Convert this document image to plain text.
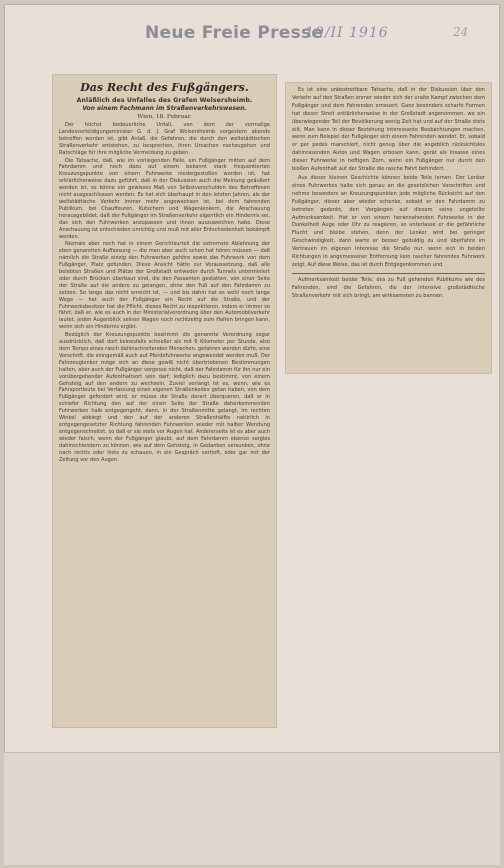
Neue Freie Presse
19/II 1916	24
Das Recht des Fußgängers.
Anläßlich des Unfalles des Grafen Welsersheimb.
Von einem Fachmann im Straßenverkehrswesen.
Wien, 18. Februar.

Der höchst bedauerliche Unfall, von dem der vormalige Landesverteidigungsminister G. d. J. Graf Welsersheimb vorgestern abends betroffen worden ist, gibt Anlaß, die Gefahren, die durch den weltstädtischen Straßenverkehr entstehen, zu besprechen, ihren Ursachen nachzugehen und Ratschläge für ihre mögliche Vermeidung zu geben.

Die Tatsache, daß, wie im vorliegenden Falle, ein Fußgänger mitten auf dem Fahrdamm und noch dazu auf einem bekannt stark frequentierten Kreuzungspunkte von einem Fuhrwerke niedergestoßen worden ist, hat erklärlicherweise dazu geführt, daß in der Diskussion auch die Meinung geäußert worden ist, es könne ein gewisses Maß von Selbstverschulden des Betroffenen nicht ausgeschlossen werden. Es hat sich überhaupt in den letzten Jahren, als der weltstädtische Verkehr immer mehr angewachsen ist, bei dem fahrenden Publikum, bei Chauffeuren, Kutschern und Wagenlenkern, die Anschauung herausgebildet, daß der Fußgänger im Straßenverkehr eigentlich ein Hindernis sei, das sich den Fuhrwerken anzupassen und ihnen auszuweichen habe. Diese Anschauung ist entschieden unrichtig und muß mit aller Entschiedenheit bekämpft werden.

Niemals aber noch hat in einem Gerichtsurteil die extremste Ablehnung der eben genannten Auffassung — die man aber auch schon hat hören müssen — daß nämlich die Straße einzig den Fuhrwerken gehöre sowie das Fuhrwerk von dem Fußgänger, Platz gefunden. Diese Ansicht hätte zur Voraussetzung, daß alle belebten Straßen und Plätze der Großstadt entweder durch Tunnels unterminiert oder durch Brücken überbaut sind, die den Passanten gestatten, von einer Seite der Straße auf die andere zu gelangen, ohne den Fuß auf den Fahrdamm zu setzen. So lange das nicht erreicht ist, — und bis dahin hat es wohl noch lange Wege — hat auch der Fußgänger ein Recht auf die Straße, und der Fuhrwerksbesitzer hat die Pflicht, dieses Recht zu respektieren, indem er immer so fährt, daß er, wie es auch in der Ministerialverordnung über den Automobilverkehr lautet, jeden Augenblick seinen Wagen noch rechtzeitig zum Halten bringen kann, wenn sich ein Hindernis ergibt.

Bezüglich der Kreuzungspunkte bestimmt die genannte Verordnung sogar ausdrücklich, daß dort keinesfalls schneller als mit 6 Kilometer per Stunde, also dem Tempo eines rasch dahinschreitenden Menschen, gefahren werden dürfe, eine Vorschrift, die sinngemäß auch auf Pferdefuhrwerke angewendet werden muß. Der Fahrzeuglenker möge sich an diese gewiß nicht übertriebenen Bestimmungen halten, aber auch der Fußgänger vergesse nicht, daß der Fahrdamm für ihn nur ein vorübergehender Aufenthaltsort sein darf, lediglich dazu bestimmt, von einem Gehsteig auf den andern zu wechseln. Zuviel verlangt ist es, wenn, wie es Fahrsportleute bei Verfassung eines eigenen Straßenkodex getan haben, von dem Fußgänger gefordert wird, er müsse die Straße derart überqueren, daß er in schiefer Richtung den auf der einen Seite der Straße daherkommenden Fuhrwerken halb entgegengeht, dann, in der Straßenmitte gelangt, im rechten Winkel abbiegt und den auf der anderen Straßenhälfte natürlich in entgegengesetzter Richtung fahrenden Fuhrwerken wieder mit halber Wendung entgegenschreitet, so daß er sie stets vor Augen hat. Andererseits ist es aber auch wieder falsch, wenn der Fußgänger glaubt, auf dem Fahrdamm ebenso sorglos dahinschlendern zu können, wie auf dem Gehsteig, in Gedanken versunken, ohne nach rechts oder links zu schauen, in ein Gespräch vertieft, oder gar mit der Zeitung vor den Augen.

Es ist eine unbestreitbare Tatsache, daß in der Diskussion über den Verkehr auf den Straßen immer wieder sich der uralte Kampf zwischen dem Fußgänger und dem Fahrenden erneuert. Ganz besonders scharfe Formen hat dieser Streit erklärlicherweise in der Großstadt angenommen, wo ein überwiegender Teil der Bevölkerung wenig Zeit hat und auf der Straße stets eilt. Man kann in dieser Beziehung interessante Beobachtungen machen, wenn zum Beispiel der Fußgänger sich einem Fahrenden wendet. Er, sobald er per pedes marschiert, nicht genug über die angeblich rücksichtslos dahinrasenden Autos und Wagen erbosen kann, gerät als Insasse eines dieser Fuhrwerke in heftigen Zorn, wenn ein Fußgänger nur durch den bloßen Aufenthalt auf der Straße die rasche Fahrt behindert.

Aus dieser kleinen Geschichte können beide Teile lernen. Der Lenker eines Fuhrwerkes halte sich genau an die gesetzlichen Vorschriften und nehme besonders an Kreuzungspunkten jede mögliche Rücksicht auf den Fußgänger, dieser aber wieder schenke, sobald er den Fahrdamm zu betreten gedenkt, den Vorgängen auf diesem seine ungeteilte Aufmerksamkeit. Hat er von einem herannahenden Fuhrwerke in der Dunkelheit Auge oder Ohr zu reagieren, so unterlasse er die gefährliche Flucht und bleibe stehen, denn der Lenker wird bei geringer Geschwindigkeit, dann warte er besser geduldig zu und überfahre im Vertrauen im eigenen Interesse die Straße nur, wenn sich in beiden Richtungen in angemessener Entfernung kein rascher fahrendes Fuhrwerk zeigt. Auf diese Weise, das ist durch Entgegenkommen und

Aufmerksamkeit beider Teile, des zu Fuß gehenden Publikums wie des Fahrenden, sind die Gefahren, die der intensive großstädtische Straßenverkehr mit sich bringt, am wirksamsten zu bannen.
